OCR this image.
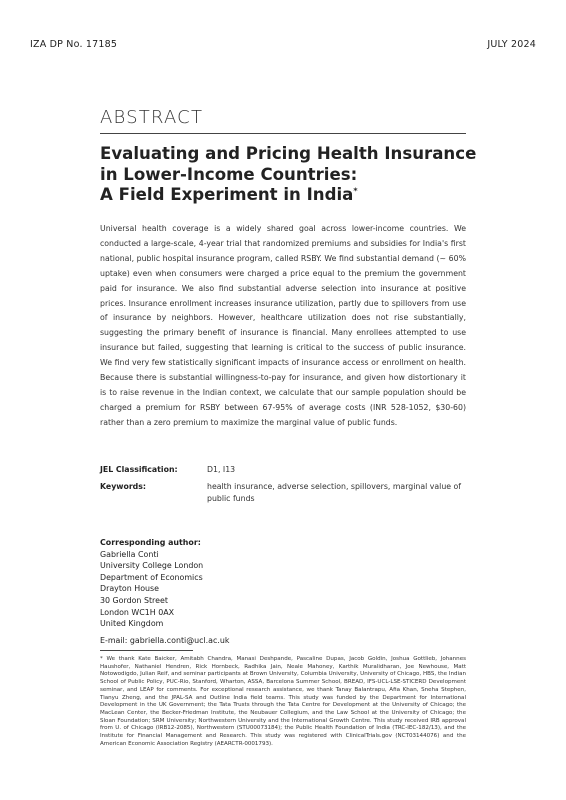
IZA DP No. 17185	JULY 2024
ABSTRACT
Evaluating and Pricing Health Insurance
in Lower-Income Countries:
A Field Experiment in India*
Universal health coverage is a widely shared goal across lower-income countries. We conducted a large-scale, 4-year trial that randomized premiums and subsidies for India's first national, public hospital insurance program, called RSBY. We find substantial demand (~ 60% uptake) even when consumers were charged a price equal to the premium the government paid for insurance. We also find substantial adverse selection into insurance at positive prices. Insurance enrollment increases insurance utilization, partly due to spillovers from use of insurance by neighbors. However, healthcare utilization does not rise substantially, suggesting the primary benefit of insurance is financial. Many enrollees attempted to use insurance but failed, suggesting that learning is critical to the success of public insurance. We find very few statistically significant impacts of insurance access or enrollment on health. Because there is substantial willingness-to-pay for insurance, and given how distortionary it is to raise revenue in the Indian context, we calculate that our sample population should be charged a premium for RSBY between 67-95% of average costs (INR 528-1052, $30-60) rather than a zero premium to maximize the marginal value of public funds.
JEL Classification:	D1, I13
Keywords:	health insurance, adverse selection, spillovers, marginal value of public funds
Corresponding author:
Gabriella Conti
University College London
Department of Economics
Drayton House
30 Gordon Street
London WC1H 0AX
United Kingdom
E-mail: gabriella.conti@ucl.ac.uk
* We thank Kate Baicker, Amitabh Chandra, Manasi Deshpande, Pascaline Dupas, Jacob Goldin, Joshua Gottlieb, Johannes Haushofer, Nathaniel Hendren, Rick Hornbeck, Radhika Jain, Neale Mahoney, Karthik Muralidharan, Joe Newhouse, Matt Notowodigdo, Julian Reif, and seminar participants at Brown University, Columbia University, University of Chicago, HBS, the Indian School of Public Policy, PUC-Rio, Stanford, Wharton, ASSA, Barcelona Summer School, BREAD, IFS-UCL-LSE-STICERD Development seminar, and LEAP for comments. For exceptional research assistance, we thank Tanay Balantrapu, Afia Khan, Sneha Stephen, Tianyu Zheng, and the JPAL-SA and Outline India field teams. This study was funded by the Department for International Development in the UK Government; the Tata Trusts through the Tata Centre for Development at the University of Chicago; the MacLean Center, the Becker-Friedman Institute, the Neubauer Collegium, and the Law School at the University of Chicago; the Sloan Foundation; SRM University; Northwestern University and the International Growth Centre. This study received IRB approval from U. of Chicago (IRB12-2085), Northwestern (STU00073184); the Public Health Foundation of India (TRC-IEC-182/13), and the Institute for Financial Management and Research. This study was registered with ClinicalTrials.gov (NCT03144076) and the American Economic Association Registry (AEARCTR-0001793).
